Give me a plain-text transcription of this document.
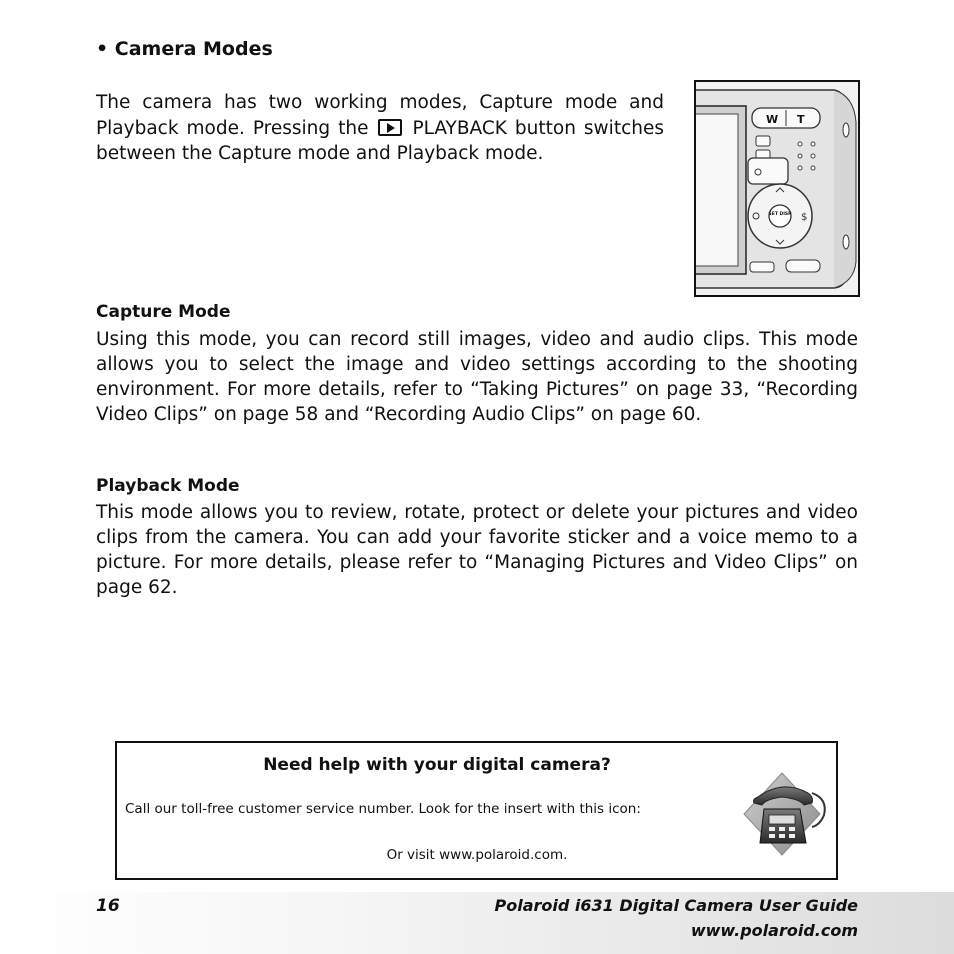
• Camera Modes
The camera has two working modes, Capture mode and Playback mode. Pressing the PLAYBACK button switches between the Capture mode and Playback mode.
W T
SET DISP $
Capture Mode
Using this mode, you can record still images, video and audio clips. This mode allows you to select the image and video settings according to the shooting environment. For more details, refer to “Taking Pictures” on page 33, “Recording Video Clips” on page 58 and “Recording Audio Clips” on page 60.
Playback Mode
This mode allows you to review, rotate, protect or delete your pictures and video clips from the camera. You can add your favorite sticker and a voice memo to a picture. For more details, please refer to “Managing Pictures and Video Clips” on page 62.
Need help with your digital camera?
Call our toll-free customer service number. Look for the insert with this icon:
Or visit www.polaroid.com.
16	Polaroid i631 Digital Camera User Guide
www.polaroid.com
